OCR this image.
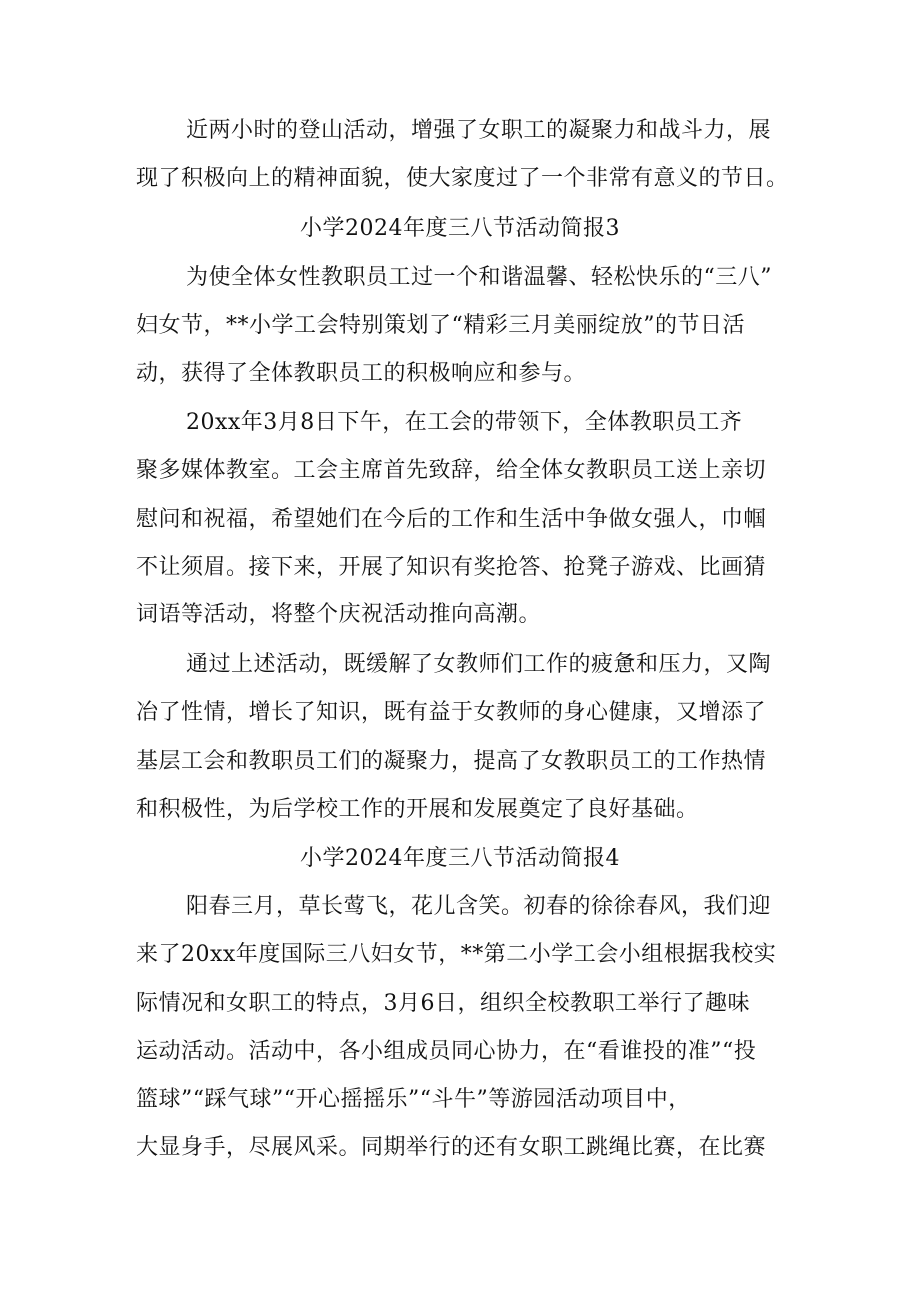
近两小时的登山活动，增强了女职工的凝聚力和战斗力，展
现了积极向上的精神面貌，使大家度过了一个非常有意义的节日。
小学2024年度三八节活动简报3
为使全体女性教职员工过一个和谐温馨、轻松快乐的“三八”
妇女节，**小学工会特别策划了“精彩三月美丽绽放”的节日活
动，获得了全体教职员工的积极响应和参与。
20xx年3月8日下午，在工会的带领下，全体教职员工齐
聚多媒体教室。工会主席首先致辞，给全体女教职员工送上亲切
慰问和祝福，希望她们在今后的工作和生活中争做女强人，巾帼
不让须眉。接下来，开展了知识有奖抢答、抢凳子游戏、比画猜
词语等活动，将整个庆祝活动推向高潮。
通过上述活动，既缓解了女教师们工作的疲惫和压力，又陶
冶了性情，增长了知识，既有益于女教师的身心健康，又增添了
基层工会和教职员工们的凝聚力，提高了女教职员工的工作热情
和积极性，为后学校工作的开展和发展奠定了良好基础。
小学2024年度三八节活动简报4
阳春三月，草长莺飞，花儿含笑。初春的徐徐春风，我们迎
来了20xx年度国际三八妇女节，**第二小学工会小组根据我校实
际情况和女职工的特点，3月6日，组织全校教职工举行了趣味
运动活动。活动中，各小组成员同心协力，在“看谁投的准”“投
篮球”“踩气球”“开心摇摇乐”“斗牛”等游园活动项目中，
大显身手，尽展风采。同期举行的还有女职工跳绳比赛，在比赛
